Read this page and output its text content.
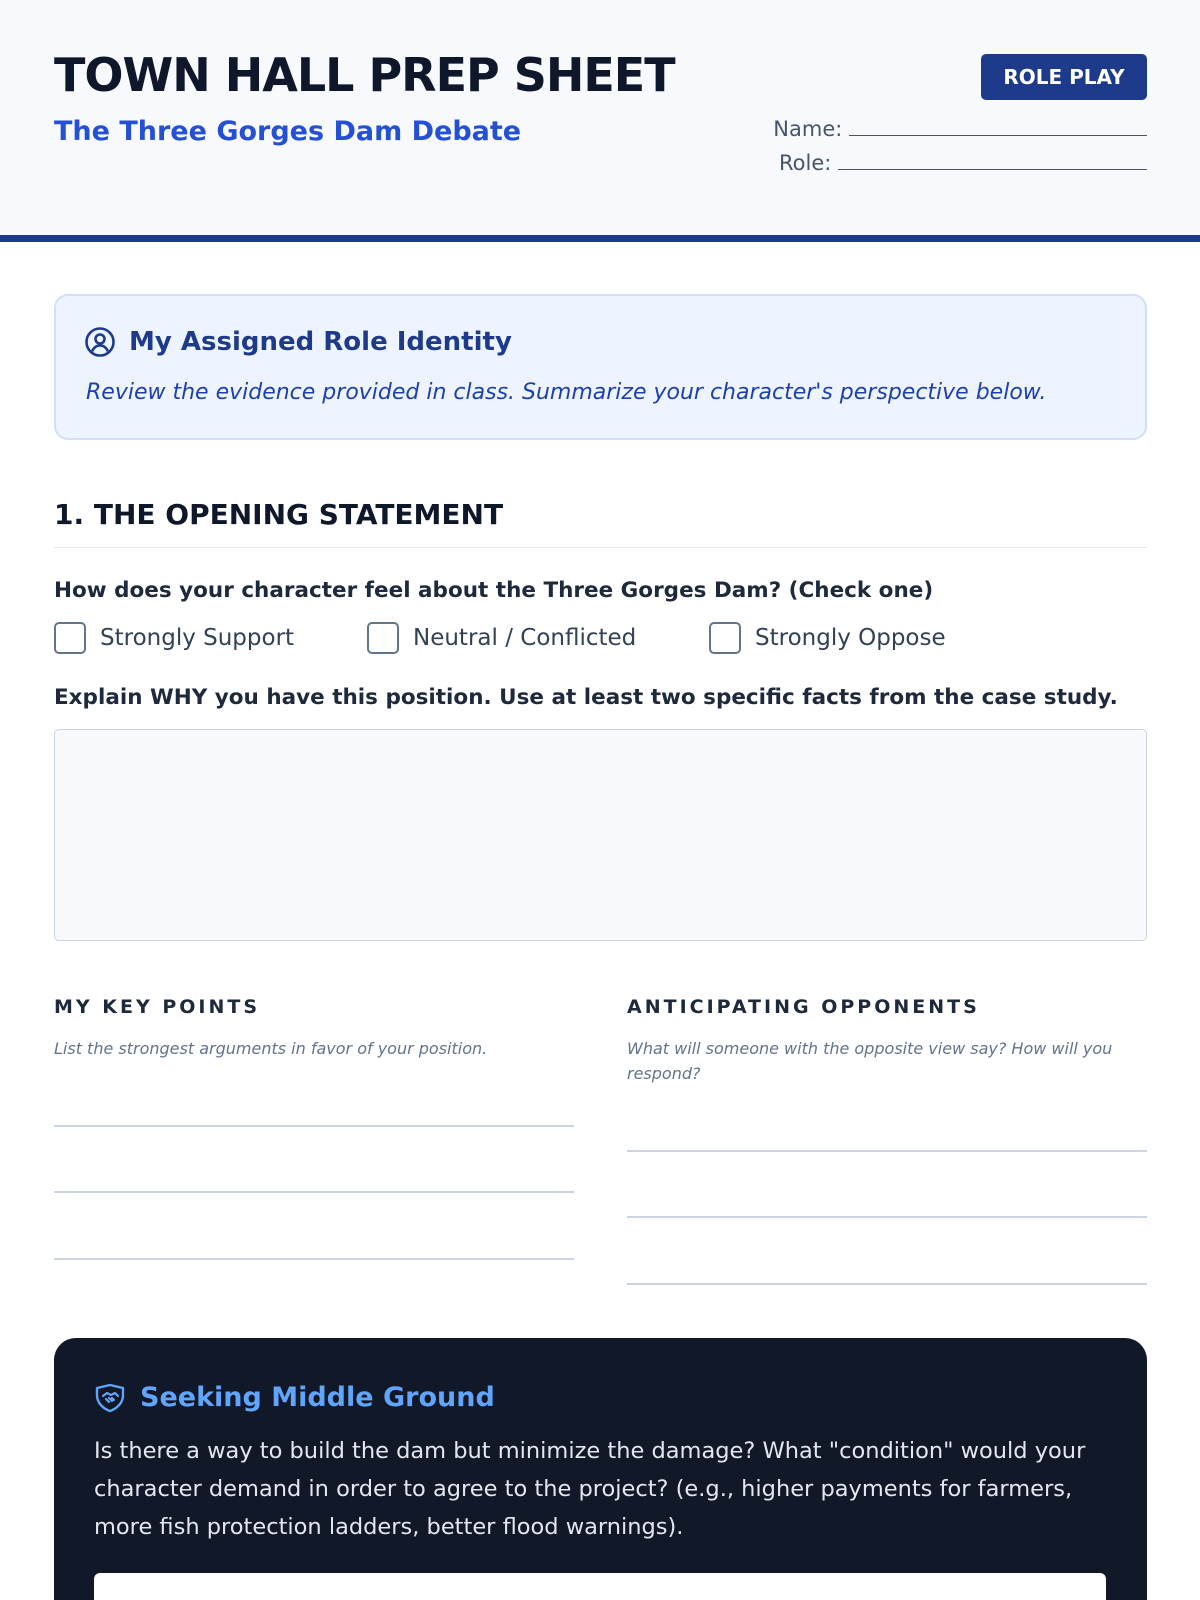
TOWN HALL PREP SHEET
The Three Gorges Dam Debate
ROLE PLAY
Name:
Role:
My Assigned Role Identity
Review the evidence provided in class. Summarize your character's perspective below.
1. THE OPENING STATEMENT
How does your character feel about the Three Gorges Dam? (Check one)
Strongly Support	Neutral / Conflicted	Strongly Oppose
Explain WHY you have this position. Use at least two specific facts from the case study.
MY KEY POINTS
List the strongest arguments in favor of your position.
ANTICIPATING OPPONENTS
What will someone with the opposite view say? How will you respond?
Seeking Middle Ground
Is there a way to build the dam but minimize the damage? What "condition" would your character demand in order to agree to the project? (e.g., higher payments for farmers, more fish protection ladders, better flood warnings).
